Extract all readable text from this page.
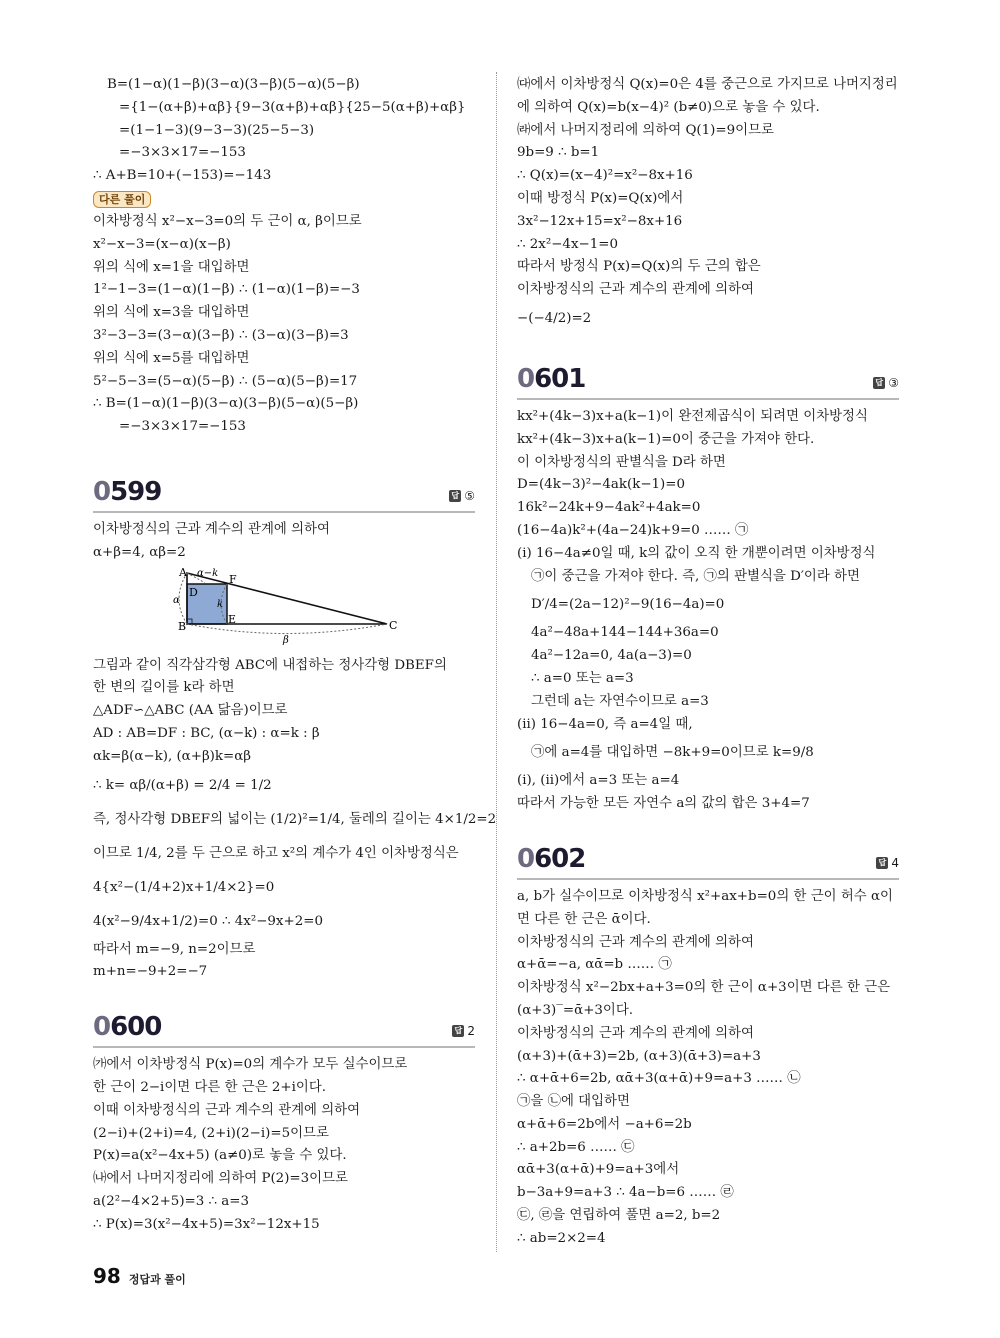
B=(1−α)(1−β)(3−α)(3−β)(5−α)(5−β)
={1−(α+β)+αβ}{9−3(α+β)+αβ}{25−5(α+β)+αβ}
=(1−1−3)(9−3−3)(25−5−3)
=−3×3×17=−153
∴ A+B=10+(−153)=−143
다른 풀이
이차방정식 x²−x−3=0의 두 근이 α, β이므로
x²−x−3=(x−α)(x−β)
위의 식에 x=1을 대입하면
1²−1−3=(1−α)(1−β) ∴ (1−α)(1−β)=−3
위의 식에 x=3을 대입하면
3²−3−3=(3−α)(3−β) ∴ (3−α)(3−β)=3
위의 식에 x=5를 대입하면
5²−5−3=(5−α)(5−β) ∴ (5−α)(5−β)=17
∴ B=(1−α)(1−β)(3−α)(3−β)(5−α)(5−β)
=−3×3×17=−153
0599	답 ⑤
이차방정식의 근과 계수의 관계에 의하여
α+β=4, αβ=2
A
B	C
D
E
F
α−k
α	k
β
그림과 같이 직각삼각형 ABC에 내접하는 정사각형 DBEF의
한 변의 길이를 k라 하면
△ADF∽△ABC (AA 닮음)이므로
AD : AB=DF : BC, (α−k) : α=k : β
αk=β(α−k), (α+β)k=αβ
∴ k= αβ/(α+β) = 2/4 = 1/2
즉, 정사각형 DBEF의 넓이는 (1/2)²=1/4, 둘레의 길이는 4×1/2=2
이므로 1/4, 2를 두 근으로 하고 x²의 계수가 4인 이차방정식은
4{x²−(1/4+2)x+1/4×2}=0
4(x²−9/4x+1/2)=0 ∴ 4x²−9x+2=0
따라서 m=−9, n=2이므로
m+n=−9+2=−7
0600	답 2
㈎에서 이차방정식 P(x)=0의 계수가 모두 실수이므로
한 근이 2−i이면 다른 한 근은 2+i이다.
이때 이차방정식의 근과 계수의 관계에 의하여
(2−i)+(2+i)=4, (2+i)(2−i)=5이므로
P(x)=a(x²−4x+5) (a≠0)로 놓을 수 있다.
㈏에서 나머지정리에 의하여 P(2)=3이므로
a(2²−4×2+5)=3 ∴ a=3
∴ P(x)=3(x²−4x+5)=3x²−12x+15
㈐에서 이차방정식 Q(x)=0은 4를 중근으로 가지므로 나머지정리
에 의하여 Q(x)=b(x−4)² (b≠0)으로 놓을 수 있다.
㈑에서 나머지정리에 의하여 Q(1)=9이므로
9b=9 ∴ b=1
∴ Q(x)=(x−4)²=x²−8x+16
이때 방정식 P(x)=Q(x)에서
3x²−12x+15=x²−8x+16
∴ 2x²−4x−1=0
따라서 방정식 P(x)=Q(x)의 두 근의 합은
이차방정식의 근과 계수의 관계에 의하여
−(−4/2)=2
0601	답 ③
kx²+(4k−3)x+a(k−1)이 완전제곱식이 되려면 이차방정식
kx²+(4k−3)x+a(k−1)=0이 중근을 가져야 한다.
이 이차방정식의 판별식을 D라 하면
D=(4k−3)²−4ak(k−1)=0
16k²−24k+9−4ak²+4ak=0
(16−4a)k²+(4a−24)k+9=0 …… ㉠
(i) 16−4a≠0일 때, k의 값이 오직 한 개뿐이려면 이차방정식
㉠이 중근을 가져야 한다. 즉, ㉠의 판별식을 D′이라 하면
D′/4=(2a−12)²−9(16−4a)=0
4a²−48a+144−144+36a=0
4a²−12a=0, 4a(a−3)=0
∴ a=0 또는 a=3
그런데 a는 자연수이므로 a=3
(ii) 16−4a=0, 즉 a=4일 때,
㉠에 a=4를 대입하면 −8k+9=0이므로 k=9/8
(i), (ii)에서 a=3 또는 a=4
따라서 가능한 모든 자연수 a의 값의 합은 3+4=7
0602	답 4
a, b가 실수이므로 이차방정식 x²+ax+b=0의 한 근이 허수 α이
면 다른 한 근은 ᾱ이다.
이차방정식의 근과 계수의 관계에 의하여
α+ᾱ=−a, αᾱ=b …… ㉠
이차방정식 x²−2bx+a+3=0의 한 근이 α+3이면 다른 한 근은
(α+3)‾=ᾱ+3이다.
이차방정식의 근과 계수의 관계에 의하여
(α+3)+(ᾱ+3)=2b, (α+3)(ᾱ+3)=a+3
∴ α+ᾱ+6=2b, αᾱ+3(α+ᾱ)+9=a+3 …… ㉡
㉠을 ㉡에 대입하면
α+ᾱ+6=2b에서 −a+6=2b
∴ a+2b=6 …… ㉢
αᾱ+3(α+ᾱ)+9=a+3에서
b−3a+9=a+3 ∴ 4a−b=6 …… ㉣
㉢, ㉣을 연립하여 풀면 a=2, b=2
∴ ab=2×2=4
98 정답과 풀이
